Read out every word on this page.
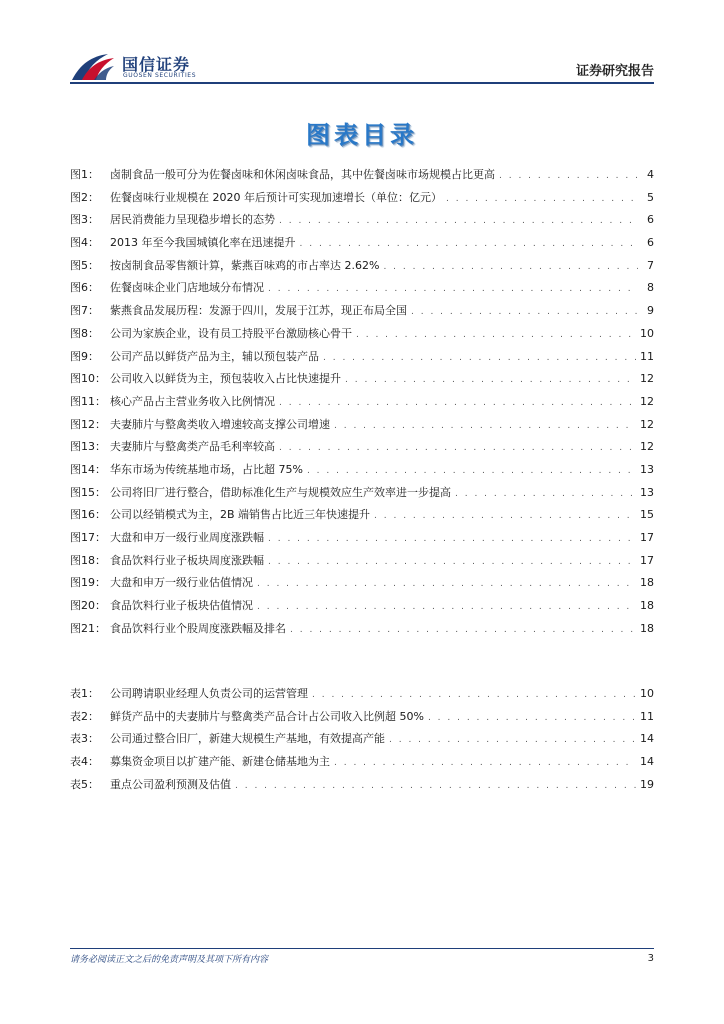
国信证券
GUOSEN SECURITIES	证券研究报告
图表目录
图1：	卤制食品一般可分为佐餐卤味和休闲卤味食品，其中佐餐卤味市场规模占比更高 . . .	4
图2：	佐餐卤味行业规模在 2020 年后预计可实现加速增长（单位：亿元） . . .	5
图3：	居民消费能力呈现稳步增长的态势 . . .	6
图4：	2013 年至今我国城镇化率在迅速提升 . . .	6
图5：	按卤制食品零售额计算，紫燕百味鸡的市占率达 2.62% . . .	7
图6：	佐餐卤味企业门店地域分布情况 . . .	8
图7：	紫燕食品发展历程：发源于四川，发展于江苏，现正布局全国 . . .	9
图8：	公司为家族企业，设有员工持股平台激励核心骨干 . . .	10
图9：	公司产品以鲜货产品为主，辅以预包装产品 . . .	11
图10： 公司收入以鲜货为主，预包装收入占比快速提升 . . .	12
图11： 核心产品占主营业务收入比例情况 . . .	12
图12： 夫妻肺片与整禽类收入增速较高支撑公司增速 . . .	12
图13： 夫妻肺片与整禽类产品毛利率较高 . . .	12
图14： 华东市场为传统基地市场，占比超 75% . . .	13
图15： 公司将旧厂进行整合，借助标准化生产与规模效应生产效率进一步提高 . . .	13
图16： 公司以经销模式为主，2B 端销售占比近三年快速提升 . . .	15
图17： 大盘和申万一级行业周度涨跌幅 . . .	17
图18： 食品饮料行业子板块周度涨跌幅 . . .	17
图19： 大盘和申万一级行业估值情况 . . .	18
图20： 食品饮料行业子板块估值情况 . . .	18
图21： 食品饮料行业个股周度涨跌幅及排名 . . .	18
表1：	公司聘请职业经理人负责公司的运营管理 . . .	10
表2：	鲜货产品中的夫妻肺片与整禽类产品合计占公司收入比例超 50% . . .	11
表3：	公司通过整合旧厂，新建大规模生产基地，有效提高产能 . . .	14
表4：	募集资金项目以扩建产能、新建仓储基地为主 . . .	14
表5：	重点公司盈利预测及估值 . . .	19
请务必阅读正文之后的免责声明及其项下所有内容	3
